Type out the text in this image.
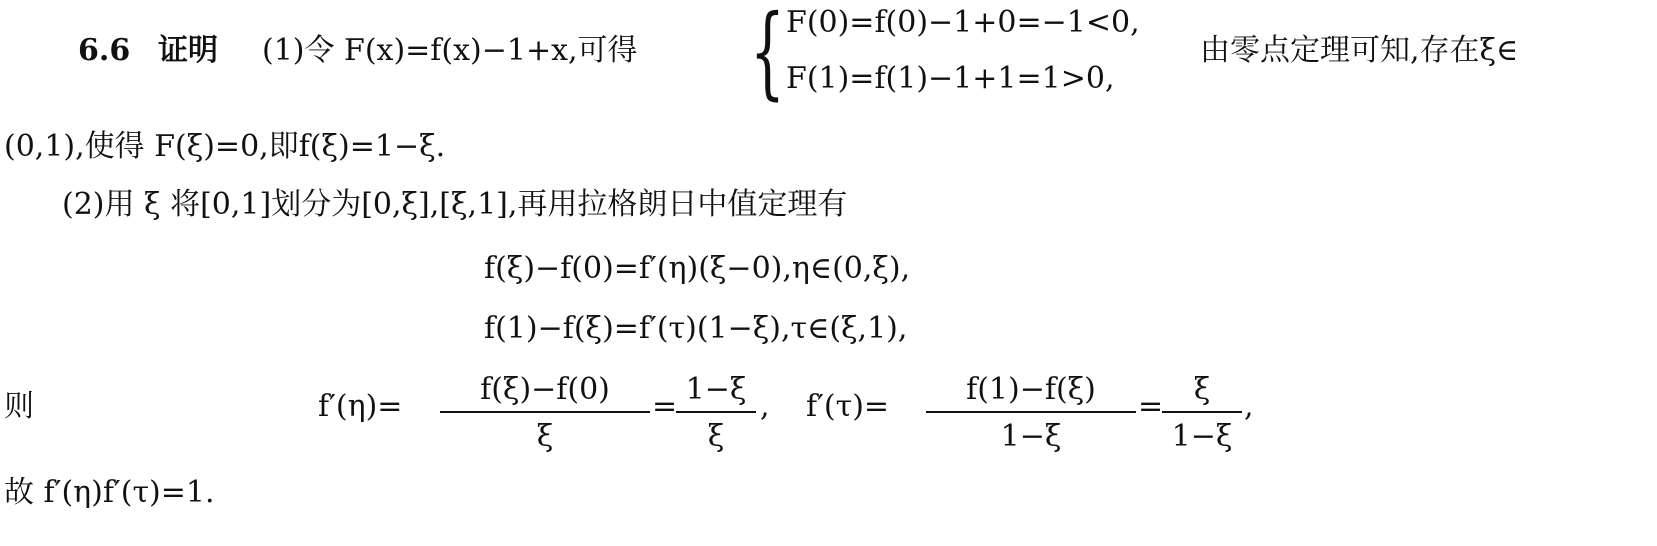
6.6 证明 (1)令 F(x)=f(x)−1+x,可得 { F(0)=f(0)−1+0=−1<0,
F(1)=f(1)−1+1=1>0,
由零点定理可知,存在ξ∈
(0,1),使得 F(ξ)=0,即f(ξ)=1−ξ.
(2)用 ξ 将[0,1]划分为[0,ξ],[ξ,1],再用拉格朗日中值定理有
f(ξ)−f(0)=f′(η)(ξ−0),η∈(0,ξ),
f(1)−f(ξ)=f′(τ)(1−ξ),τ∈(ξ,1),
则	f′(η)=	f(ξ)−f(0)
ξ
= 1−ξ
ξ
, f′(τ)=	f(1)−f(ξ)
1−ξ
=	ξ
1−ξ
,
故 f′(η)f′(τ)=1.
